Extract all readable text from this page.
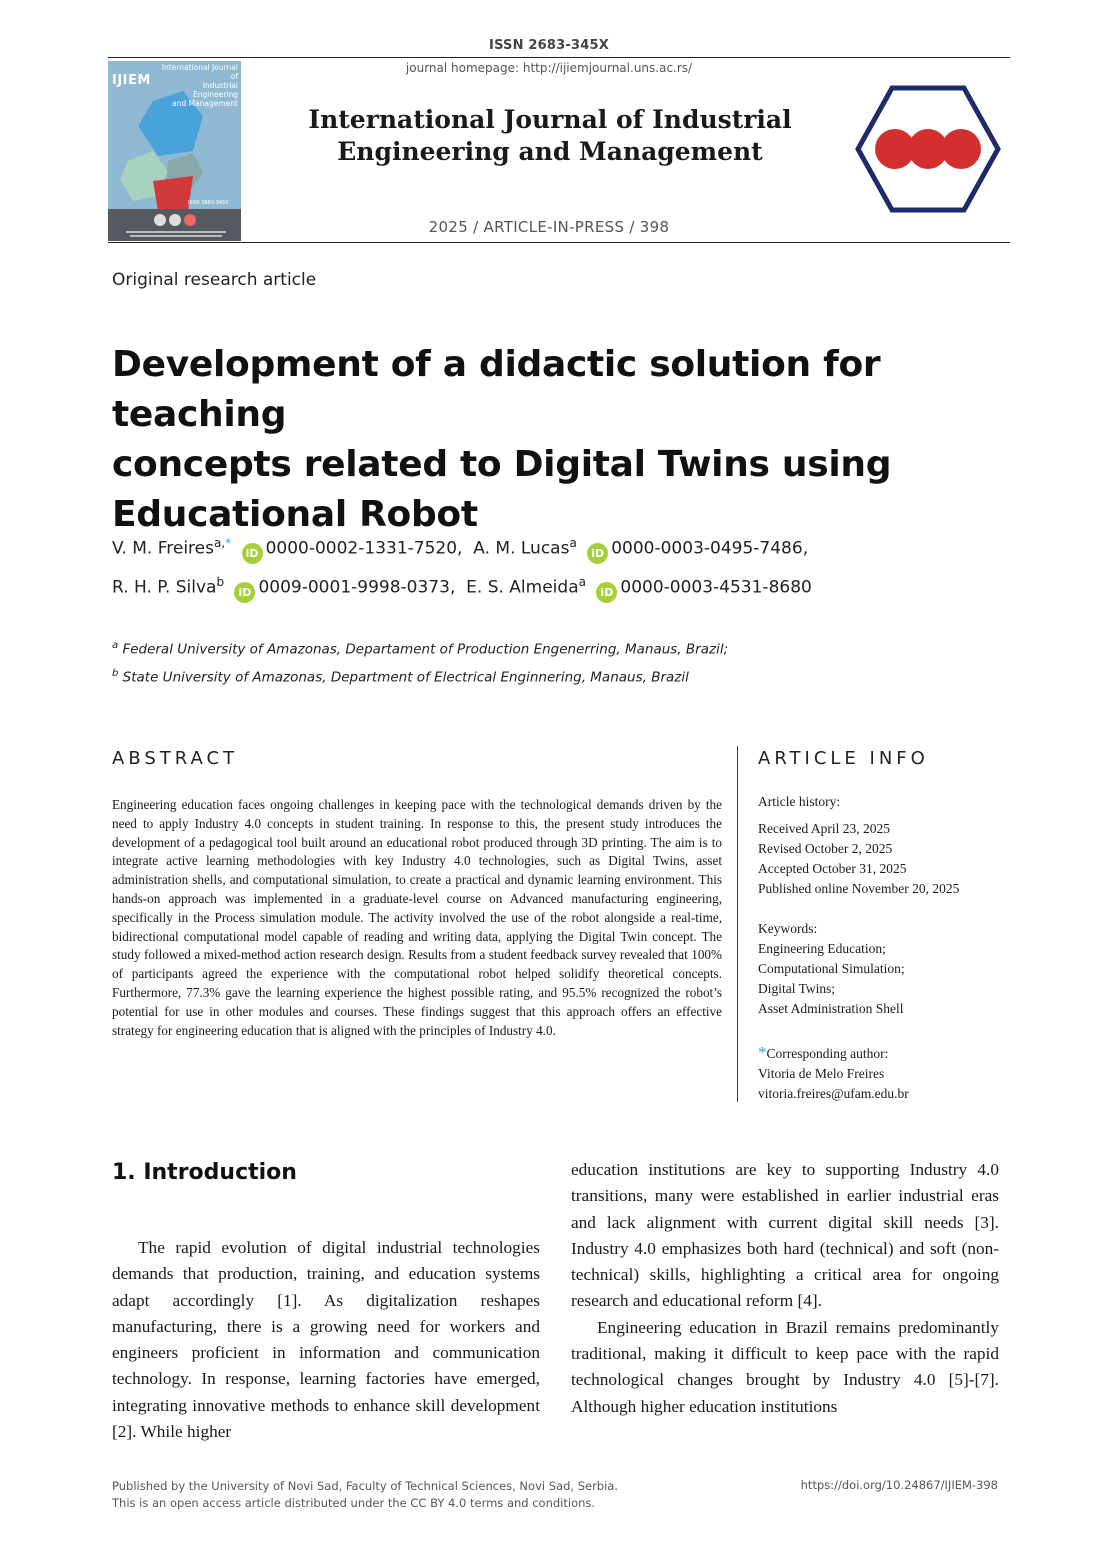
ISSN 2683-345X
journal homepage: http://ijiemjournal.uns.ac.rs/
IJIEM
International Journal of
Industrial Engineering
and Management
ISSN 2683-345X
International Journal of Industrial
Engineering and Management
2025 / ARTICLE-IN-PRESS / 398
Original research article
Development of a didactic solution for teaching
concepts related to Digital Twins using
Educational Robot
V. M. Freires$^{a,*}$ iD 0000-0002-1331-7520, A. M. Lucas$^a$ iD 0000-0003-0495-7486,
R. H. P. Silva$^b$ iD 0009-0001-9998-0373, E. S. Almeida$^a$ iD 0000-0003-4531-8680
$^a$ Federal University of Amazonas, Departament of Production Engenerring, Manaus, Brazil;
$^b$ State University of Amazonas, Department of Electrical Enginnering, Manaus, Brazil
ABSTRACT	ARTICLE INFO
Engineering education faces ongoing challenges in keeping pace with the technological demands driven by the need to apply Industry 4.0 concepts in student training. In response to this, the present study introduces the development of a pedagogical tool built around an educational robot produced through 3D printing. The aim is to integrate active learning methodologies with key Industry 4.0 technologies, such as Digital Twins, asset administration shells, and computational simulation, to create a practical and dynamic learning environment. This hands-on approach was implemented in a graduate-level course on Advanced manufacturing engineering, specifically in the Process simulation module. The activity involved the use of the robot alongside a real-time, bidirectional computational model capable of reading and writing data, applying the Digital Twin concept. The study followed a mixed-method action research design. Results from a student feedback survey revealed that 100% of participants agreed the experience with the computational robot helped solidify theoretical concepts. Furthermore, 77.3% gave the learning experience the highest possible rating, and 95.5% recognized the robot’s potential for use in other modules and courses. These findings suggest that this approach offers an effective strategy for engineering education that is aligned with the principles of Industry 4.0.
Article history:
Received April 23, 2025
Revised October 2, 2025
Accepted October 31, 2025
Published online November 20, 2025
Keywords:
Engineering Education;
Computational Simulation;
Digital Twins;
Asset Administration Shell
*Corresponding author:
Vitoria de Melo Freires
vitoria.freires@ufam.edu.br
1. Introduction

The rapid evolution of digital industrial technologies demands that production, training, and education systems adapt accordingly [1]. As digitalization reshapes manufacturing, there is a growing need for workers and engineers proficient in information and communication technology. In response, learning factories have emerged, integrating innovative methods to enhance skill development [2]. While higher

education institutions are key to supporting Industry 4.0 transitions, many were established in earlier industrial eras and lack alignment with current digital skill needs [3]. Industry 4.0 emphasizes both hard (technical) and soft (non-technical) skills, highlighting a critical area for ongoing research and educational reform [4].

Engineering education in Brazil remains predominantly traditional, making it difficult to keep pace with the rapid technological changes brought by Industry 4.0 [5]-[7]. Although higher education institutions

Published by the University of Novi Sad, Faculty of Technical Sciences, Novi Sad, Serbia.
This is an open access article distributed under the CC BY 4.0 terms and conditions.
https://doi.org/10.24867/IJIEM-398
